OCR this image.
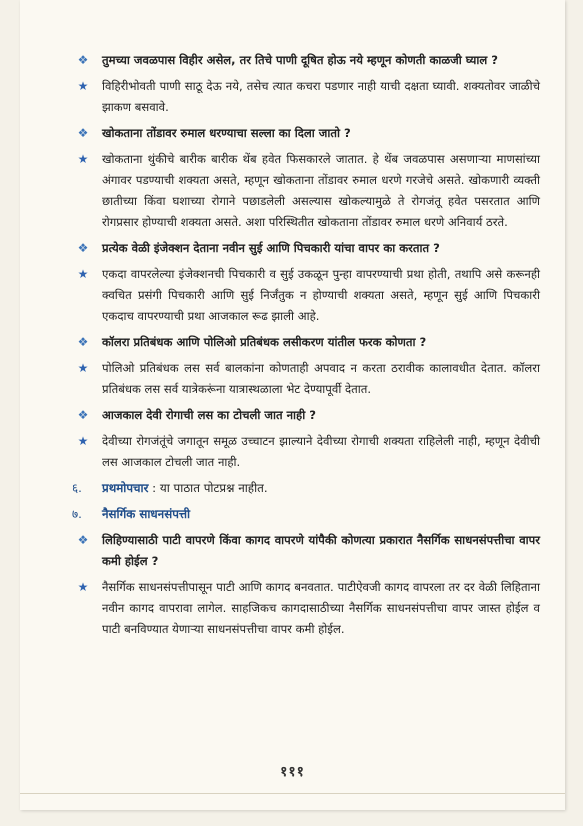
❖	तुमच्या जवळपास विहीर असेल, तर तिचे पाणी दूषित होऊ नये म्हणून कोणती काळजी घ्याल ?
★	विहिरीभोवती पाणी साठू देऊ नये, तसेच त्यात कचरा पडणार नाही याची दक्षता घ्यावी. शक्यतोवर जाळीचे झाकण बसवावे.
❖	खोकताना तोंडावर रुमाल धरण्याचा सल्ला का दिला जातो ?
★	खोकताना थुंकीचे बारीक बारीक थेंब हवेत फिसकारले जातात. हे थेंब जवळपास असणाऱ्या माणसांच्या अंगावर पडण्याची शक्यता असते, म्हणून खोकताना तोंडावर रुमाल धरणे गरजेचे असते. खोकणारी व्यक्ती छातीच्या किंवा घशाच्या रोगाने पछाडलेली असल्यास खोकल्यामुळे ते रोगजंतू हवेत पसरतात आणि रोगप्रसार होण्याची शक्यता असते. अशा परिस्थितीत खोकताना तोंडावर रुमाल धरणे अनिवार्य ठरते.
❖	प्रत्येक वेळी इंजेक्शन देताना नवीन सुई आणि पिचकारी यांचा वापर का करतात ?
★	एकदा वापरलेल्या इंजेक्शनची पिचकारी व सुई उकळून पुन्हा वापरण्याची प्रथा होती, तथापि असे करूनही क्वचित प्रसंगी पिचकारी आणि सुई निर्जंतुक न होण्याची शक्यता असते, म्हणून सुई आणि पिचकारी एकदाच वापरण्याची प्रथा आजकाल रूढ झाली आहे.
❖	कॉलरा प्रतिबंधक आणि पोलिओ प्रतिबंधक लसीकरण यांतील फरक कोणता ?
★	पोलिओ प्रतिबंधक लस सर्व बालकांना कोणताही अपवाद न करता ठरावीक कालावधीत देतात. कॉलरा प्रतिबंधक लस सर्व यात्रेकरूंना यात्रास्थळाला भेट देण्यापूर्वी देतात.
❖	आजकाल देवी रोगाची लस का टोचली जात नाही ?
★	देवीच्या रोगजंतूंचे जगातून समूळ उच्चाटन झाल्याने देवीच्या रोगाची शक्यता राहिलेली नाही, म्हणून देवीची लस आजकाल टोचली जात नाही.
६. प्रथमोपचार : या पाठात पोटप्रश्न नाहीत.
७. नैसर्गिक साधनसंपत्ती
❖	लिहिण्यासाठी पाटी वापरणे किंवा कागद वापरणे यांपैकी कोणत्या प्रकारात नैसर्गिक साधनसंपत्तीचा वापर कमी होईल ?
★	नैसर्गिक साधनसंपत्तीपासून पाटी आणि कागद बनवतात. पाटीऐवजी कागद वापरला तर दर वेळी लिहिताना नवीन कागद वापरावा लागेल. साहजिकच कागदासाठीच्या नैसर्गिक साधनसंपत्तीचा वापर जास्त होईल व पाटी बनविण्यात येणाऱ्या साधनसंपत्तीचा वापर कमी होईल.
१११
